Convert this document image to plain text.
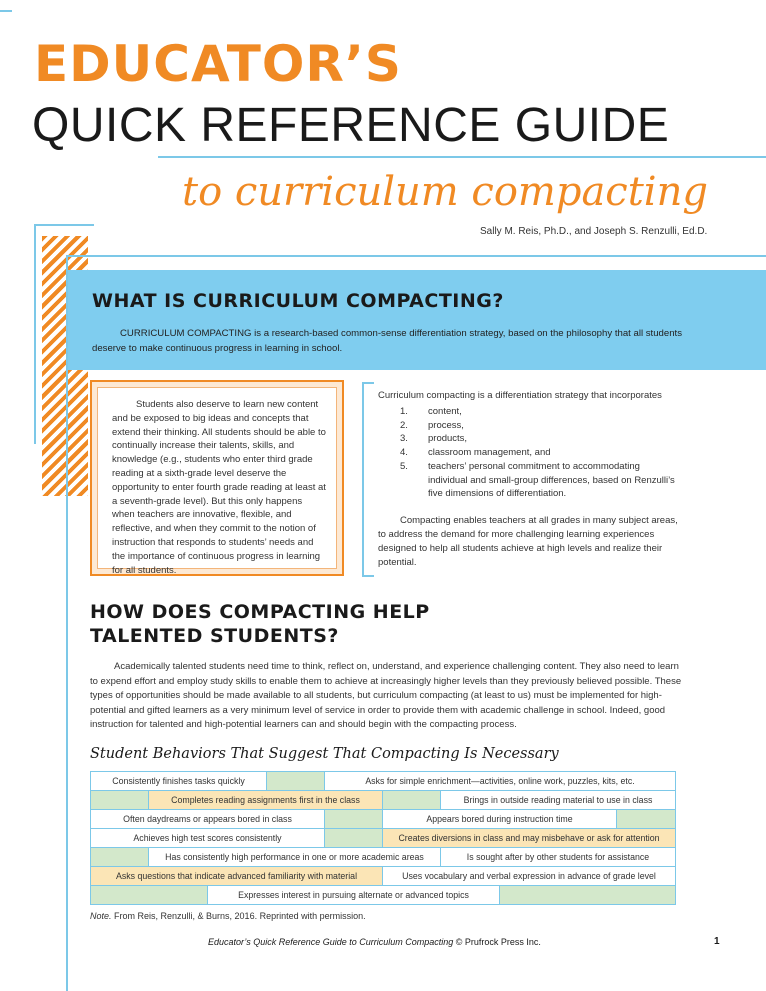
EDUCATOR’S
QUICK REFERENCE GUIDE
to curriculum compacting
Sally M. Reis, Ph.D., and Joseph S. Renzulli, Ed.D.
WHAT IS CURRICULUM COMPACTING?
CURRICULUM COMPACTING is a research-based common-sense differentiation strategy, based on the philosophy that all students deserve to make continuous progress in learning in school.

Students also deserve to learn new content and be exposed to big ideas and concepts that extend their thinking. All students should be able to continually increase their talents, skills, and knowledge (e.g., students who enter third grade reading at a sixth-grade level deserve the opportunity to enter fourth grade reading at least at a seventh-grade level). But this only happens when teachers are innovative, flexible, and reflective, and when they commit to the notion of instruction that responds to students’ needs and the importance of continuous progress in learning for all students.

Curriculum compacting is a differentiation strategy that incorporates
1.	content,
2.	process,
3.	products,
4.	classroom management, and
5.	teachers’ personal commitment to accommodating individual and small-group differences, based on Renzulli’s five dimensions of differentiation.
Compacting enables teachers at all grades in many subject areas, to address the demand for more challenging learning experiences designed to help all students achieve at high levels and realize their potential.
HOW DOES COMPACTING HELP
TALENTED STUDENTS?
Academically talented students need time to think, reflect on, understand, and experience challenging content. They also need to learn to expend effort and employ study skills to enable them to achieve at increasingly higher levels than they previously believed possible. These types of opportunities should be made available to all students, but curriculum compacting (at least to us) must be implemented for high-potential and gifted learners as a very minimum level of service in order to provide them with academic challenge in school. Indeed, good instruction for talented and high-potential learners can and should begin with the compacting process.
Student Behaviors That Suggest That Compacting Is Necessary
Consistently finishes tasks quickly	Asks for simple enrichment—activities, online work, puzzles, kits, etc.
Completes reading assignments first in the class	Brings in outside reading material to use in class
Often daydreams or appears bored in class	Appears bored during instruction time
Achieves high test scores consistently	Creates diversions in class and may misbehave or ask for attention
Has consistently high performance in one or more academic areas	Is sought after by other students for assistance
Asks questions that indicate advanced familiarity with material	Uses vocabulary and verbal expression in advance of grade level
Expresses interest in pursuing alternate or advanced topics
Note. From Reis, Renzulli, & Burns, 2016. Reprinted with permission.
Educator’s Quick Reference Guide to Curriculum Compacting © Prufrock Press Inc.	1
